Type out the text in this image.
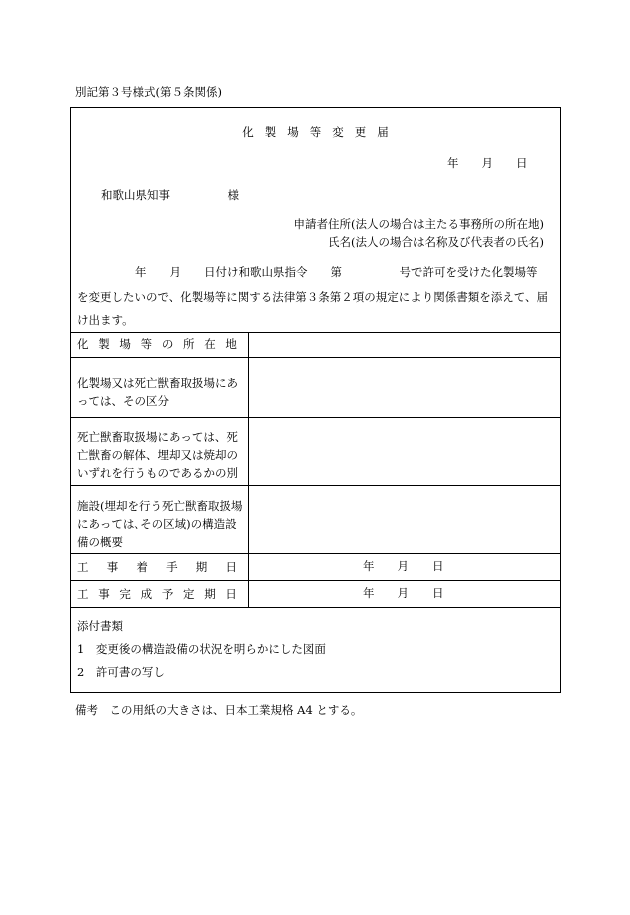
別記第３号様式(第５条関係)
化製場等変更届
年　　月　　日
和歌山県知事　　　　　様
申請者住所(法人の場合は主たる事務所の所在地)
氏名(法人の場合は名称及び代表者の氏名)
年　　月　　日付け和歌山県指令　　第　　　　　号で許可を受けた化製場等
を変更したいので、化製場等に関する法律第３条第２項の規定により関係書類を添えて、届
け出ます。
化 製 場 等 の 所 在 地
化製場又は死亡獣畜取扱場にあっては、その区分
死亡獣畜取扱場にあっては、死亡獣畜の解体、埋却又は焼却のいずれを行うものであるかの別
施設(埋却を行う死亡獣畜取扱場にあっては､その区域)の構造設備の概要
工 事 着 手 期 日
工 事 完 成 予 定 期 日
年　　月　　日
年　　月　　日
添付書類
1　変更後の構造設備の状況を明らかにした図面
2　許可書の写し
備考　この用紙の大きさは、日本工業規格 A4 とする。
